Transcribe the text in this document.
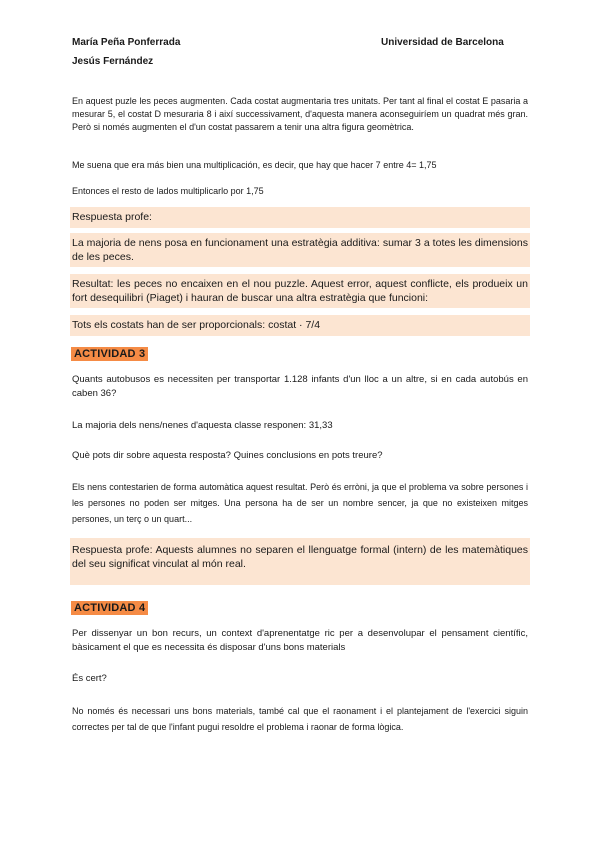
María Peña Ponferrada
Jesús Fernández
Universidad de Barcelona
En aquest puzle les peces augmenten. Cada costat augmentaria tres unitats. Per tant al final el costat E pasaria a mesurar 5, el costat D mesuraria 8 i així successivament, d'aquesta manera aconseguiríem un quadrat més gran. Però si només augmenten el d'un costat passarem a tenir una altra figura geomètrica.
Me suena que era más bien una multiplicación, es decir, que hay que hacer 7 entre 4= 1,75
Entonces el resto de lados multiplicarlo por 1,75
Respuesta profe:
La majoria de nens posa en funcionament una estratègia additiva: sumar 3 a totes les dimensions de les peces.
Resultat: les peces no encaixen en el nou puzzle. Aquest error, aquest conflicte, els produeix un fort desequilibri (Piaget) i hauran de buscar una altra estratègia que funcioni:
Tots els costats han de ser proporcionals: costat · 7/4
ACTIVIDAD 3
Quants autobusos es necessiten per transportar 1.128 infants d'un lloc a un altre, si en cada autobús en caben 36?
La majoria dels nens/nenes d'aquesta classe responen: 31,33
Què pots dir sobre aquesta resposta? Quines conclusions en pots treure?
Els nens contestarien de forma automàtica aquest resultat. Però és erròni, ja que el problema va sobre persones i les persones no poden ser mitges. Una persona ha de ser un nombre sencer, ja que no existeixen mitges persones, un terç o un quart...
Respuesta profe: Aquests alumnes no separen el llenguatge formal (intern) de les matemàtiques del seu significat vinculat al món real.
ACTIVIDAD 4
Per dissenyar un bon recurs, un context d'aprenentatge ric per a desenvolupar el pensament científic, bàsicament el que es necessita és disposar d'uns bons materials
És cert?
No només és necessari uns bons materials, també cal que el raonament i el plantejament de l'exercici siguin correctes per tal de que l'infant pugui resoldre el problema i raonar de forma lògica.
